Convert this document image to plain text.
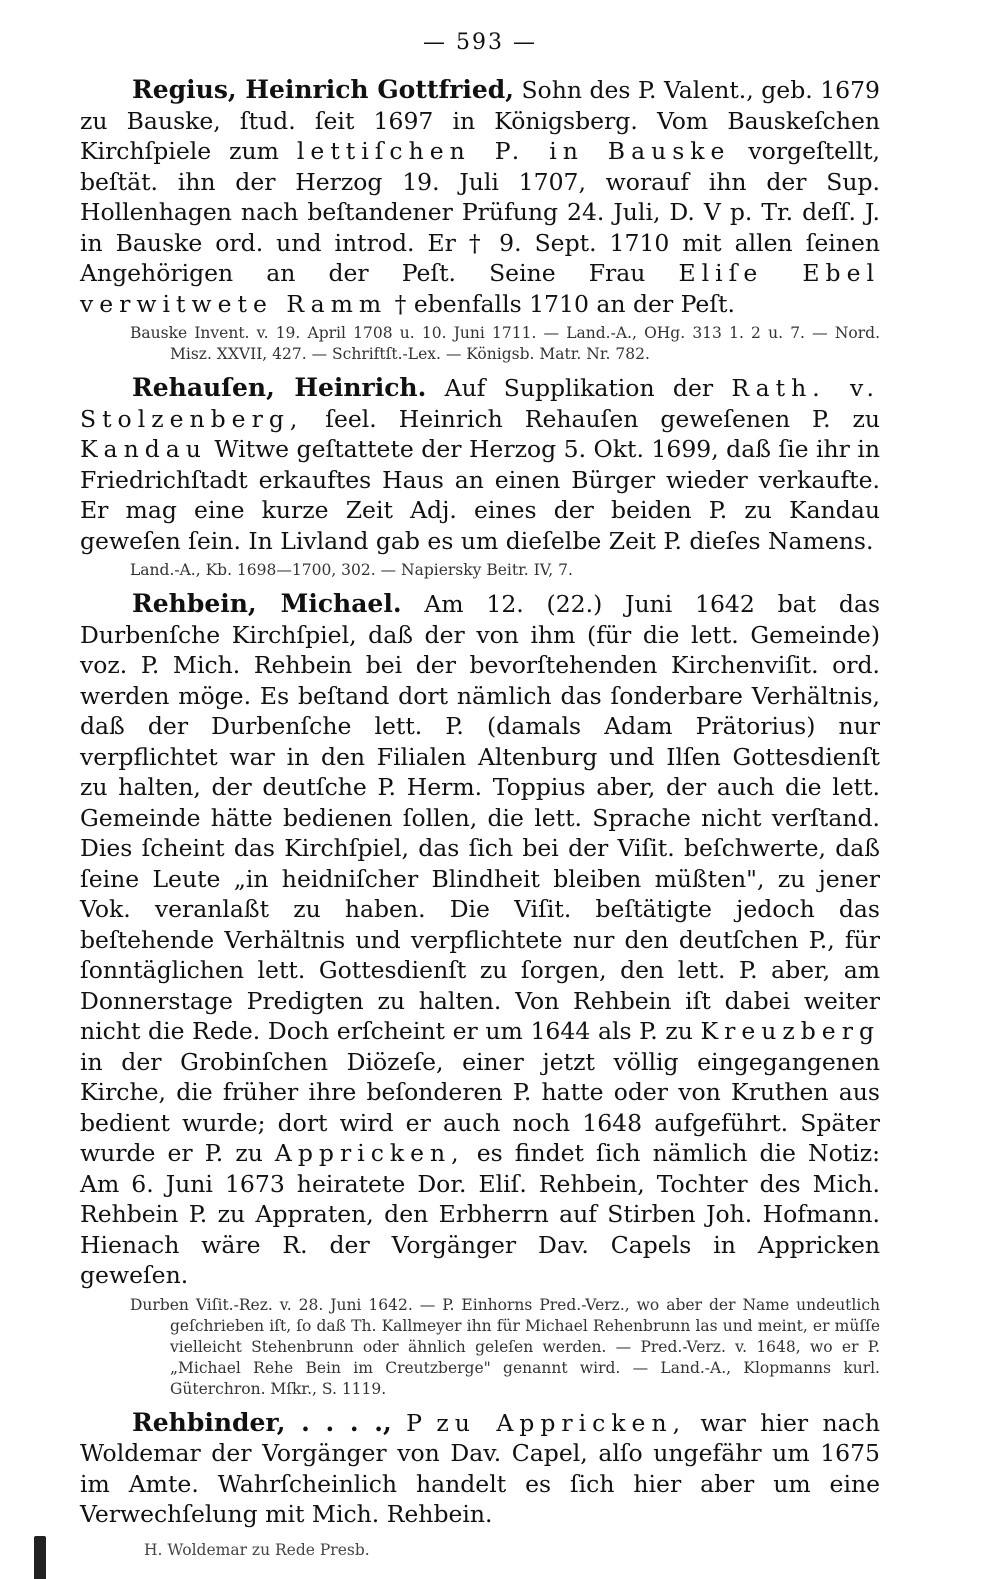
— 593 —

Regius, Heinrich Gottfried, Sohn des P. Valent., geb. 1679 zu Bauske, ſtud. ſeit 1697 in Königsberg. Vom Bauskeſchen Kirchſpiele zum lettiſchen P. in Bauske vorgeſtellt, beſtät. ihn der Herzog 19. Juli 1707, worauf ihn der Sup. Hollenhagen nach beſtandener Prüfung 24. Juli, D. V p. Tr. deſſ. J. in Bauske ord. und introd. Er † 9. Sept. 1710 mit allen ſeinen Angehörigen an der Peſt. Seine Frau Eliſe Ebel verwitwete Ramm † ebenfalls 1710 an der Peſt.

Bauske Invent. v. 19. April 1708 u. 10. Juni 1711. — Land.-A., OHg. 313 1. 2 u. 7. — Nord. Misz. XXVII, 427. — Schriftſt.-Lex. — Königsb. Matr. Nr. 782.

Rehauſen, Heinrich. Auf Supplikation der Rath. v. Stolzenberg, ſeel. Heinrich Rehauſen geweſenen P. zu Kandau Witwe geſtattete der Herzog 5. Okt. 1699, daß ſie ihr in Friedrichſtadt erkauftes Haus an einen Bürger wieder verkaufte. Er mag eine kurze Zeit Adj. eines der beiden P. zu Kandau geweſen ſein. In Livland gab es um dieſelbe Zeit P. dieſes Namens.

Land.-A., Kb. 1698—1700, 302. — Napiersky Beitr. IV, 7.

Rehbein, Michael. Am 12. (22.) Juni 1642 bat das Durbenſche Kirchſpiel, daß der von ihm (für die lett. Gemeinde) voz. P. Mich. Rehbein bei der bevorſtehenden Kirchenviſit. ord. werden möge. Es beſtand dort nämlich das ſonderbare Verhältnis, daß der Durbenſche lett. P. (damals Adam Prätorius) nur verpflichtet war in den Filialen Altenburg und Ilſen Gottesdienſt zu halten, der deutſche P. Herm. Toppius aber, der auch die lett. Gemeinde hätte bedienen ſollen, die lett. Sprache nicht verſtand. Dies ſcheint das Kirchſpiel, das ſich bei der Viſit. beſchwerte, daß ſeine Leute „in heidniſcher Blindheit bleiben müßten", zu jener Vok. veranlaßt zu haben. Die Viſit. beſtätigte jedoch das beſtehende Verhältnis und verpflichtete nur den deutſchen P., für ſonntäglichen lett. Gottesdienſt zu ſorgen, den lett. P. aber, am Donnerstage Predigten zu halten. Von Rehbein iſt dabei weiter nicht die Rede. Doch erſcheint er um 1644 als P. zu Kreuzberg in der Grobinſchen Diözeſe, einer jetzt völlig eingegangenen Kirche, die früher ihre beſonderen P. hatte oder von Kruthen aus bedient wurde; dort wird er auch noch 1648 aufgeführt. Später wurde er P. zu Appricken, es findet ſich nämlich die Notiz: Am 6. Juni 1673 heiratete Dor. Eliſ. Rehbein, Tochter des Mich. Rehbein P. zu Appraten, den Erbherrn auf Stirben Joh. Hofmann. Hienach wäre R. der Vorgänger Dav. Capels in Appricken geweſen.

Durben Viſit.-Rez. v. 28. Juni 1642. — P. Einhorns Pred.-Verz., wo aber der Name undeutlich geſchrieben iſt, ſo daß Th. Kallmeyer ihn für Michael Rehenbrunn las und meint, er müſſe vielleicht Stehenbrunn oder ähnlich geleſen werden. — Pred.-Verz. v. 1648, wo er P. „Michael Rehe Bein im Creutzberge" genannt wird. — Land.-A., Klopmanns kurl. Güterchron. Mſkr., S. 1119.

Rehbinder, . . . ., P zu Appricken, war hier nach Woldemar der Vorgänger von Dav. Capel, alſo ungefähr um 1675 im Amte. Wahrſcheinlich handelt es ſich hier aber um eine Verwechſelung mit Mich. Rehbein.

H. Woldemar zu Rede Presb.
